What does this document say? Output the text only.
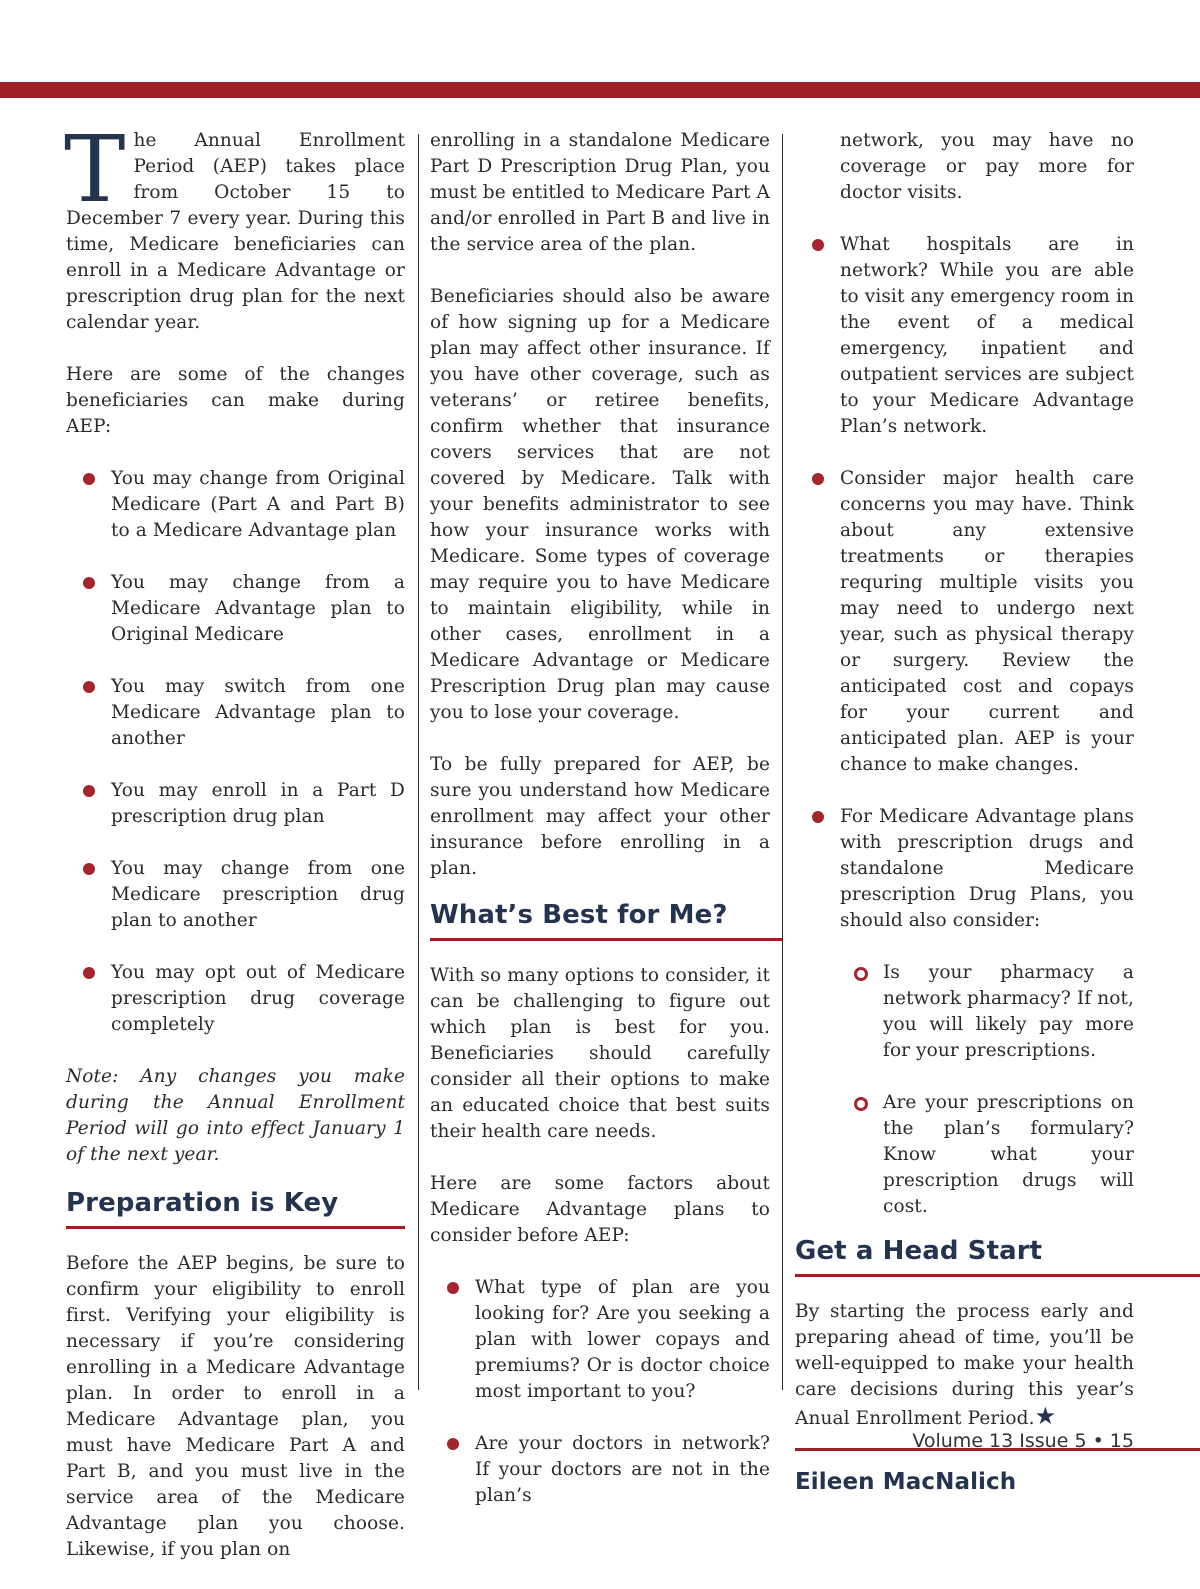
The Annual Enrollment Period (AEP) takes place from October 15 to December 7 every year. During this time, Medicare beneficiaries can enroll in a Medicare Advantage or prescription drug plan for the next calendar year.

Here are some of the changes beneficiaries can make during AEP:

You may change from Original Medicare (Part A and Part B) to a Medicare Advantage plan
You may change from a Medicare Advantage plan to Original Medicare
You may switch from one Medicare Advantage plan to another
You may enroll in a Part D prescription drug plan
You may change from one Medicare prescription drug plan to another
You may opt out of Medicare prescription drug coverage completely

Note: Any changes you make during the Annual Enrollment Period will go into effect January 1 of the next year.

Preparation is Key

Before the AEP begins, be sure to confirm your eligibility to enroll first. Verifying your eligibility is necessary if you’re considering enrolling in a Medicare Advantage plan. In order to enroll in a Medicare Advantage plan, you must have Medicare Part A and Part B, and you must live in the service area of the Medicare Advantage plan you choose. Likewise, if you plan on

enrolling in a standalone Medicare Part D Prescription Drug Plan, you must be entitled to Medicare Part A and/or enrolled in Part B and live in the service area of the plan.

Beneficiaries should also be aware of how signing up for a Medicare plan may affect other insurance. If you have other coverage, such as veterans’ or retiree benefits, confirm whether that insurance covers services that are not covered by Medicare. Talk with your benefits administrator to see how your insurance works with Medicare. Some types of coverage may require you to have Medicare to maintain eligibility, while in other cases, enrollment in a Medicare Advantage or Medicare Prescription Drug plan may cause you to lose your coverage.

To be fully prepared for AEP, be sure you understand how Medicare enrollment may affect your other insurance before enrolling in a plan.

What’s Best for Me?

With so many options to consider, it can be challenging to figure out which plan is best for you. Beneficiaries should carefully consider all their options to make an educated choice that best suits their health care needs.

Here are some factors about Medicare Advantage plans to consider before AEP:

What type of plan are you looking for? Are you seeking a plan with lower copays and premiums? Or is doctor choice most important to you?
Are your doctors in network? If your doctors are not in the plan’s
network, you may have no coverage or pay more for doctor visits.
What hospitals are in network? While you are able to visit any emergency room in the event of a medical emergency, inpatient and outpatient services are subject to your Medicare Advantage Plan’s network.
Consider major health care concerns you may have. Think about any extensive treatments or therapies requring multiple visits you may need to undergo next year, such as physical therapy or surgery. Review the anticipated cost and copays for your current and anticipated plan. AEP is your chance to make changes.
For Medicare Advantage plans with prescription drugs and standalone Medicare prescription Drug Plans, you should also consider:
Is your pharmacy a network pharmacy? If not, you will likely pay more for your prescriptions.
Are your prescriptions on the plan’s formulary? Know what your prescription drugs will cost.
Get a Head Start

By starting the process early and preparing ahead of time, you’ll be well-equipped to make your health care decisions during this year’s Anual Enrollment Period.★

Eileen MacNalich
Volume 13 Issue 5 • 15
